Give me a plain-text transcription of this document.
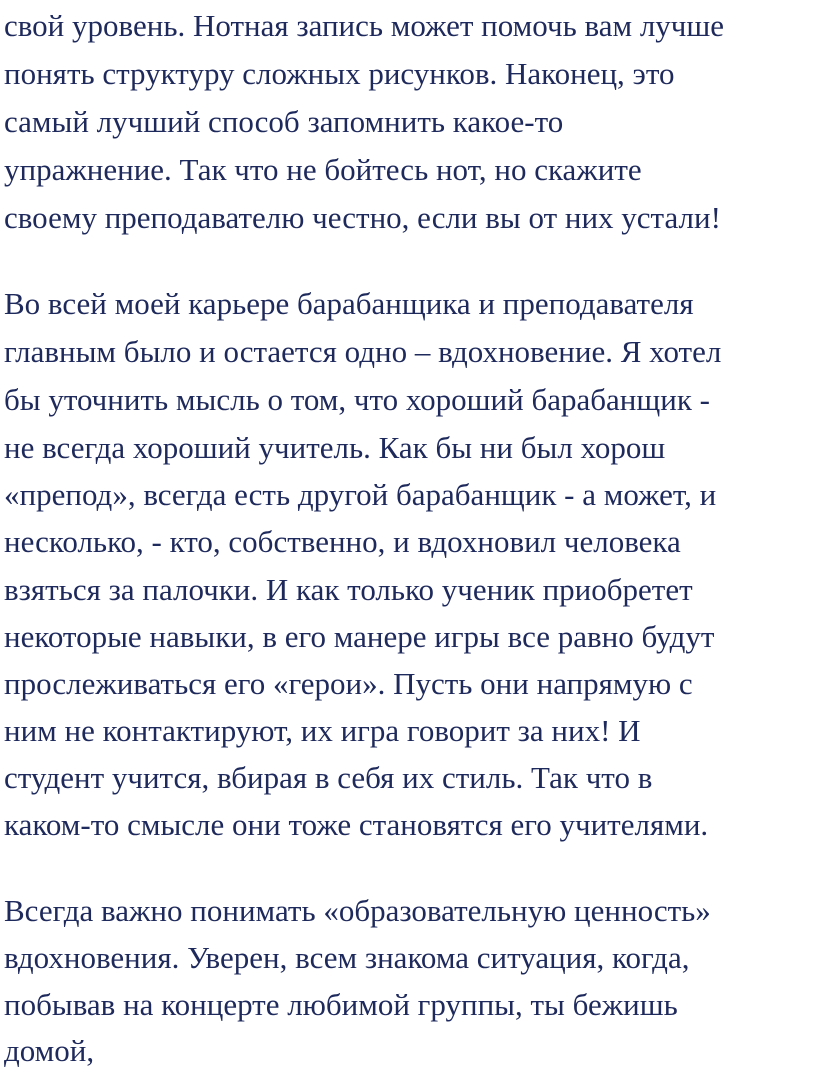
свой уровень. Нотная запись может помочь вам лучше
понять структуру сложных рисунков. Наконец, это
самый лучший способ запомнить какое-то
упражнение. Так что не бойтесь нот, но скажите
своему преподавателю честно, если вы от них устали!
Во всей моей карьере барабанщика и преподавателя
главным было и остается одно – вдохновение. Я хотел
бы уточнить мысль о том, что хороший барабанщик -
не всегда хороший учитель. Как бы ни был хорош
«препод», всегда есть другой барабанщик - а может, и
несколько, - кто, собственно, и вдохновил человека
взяться за палочки. И как только ученик приобретет
некоторые навыки, в его манере игры все равно будут
прослеживаться его «герои». Пусть они напрямую с
ним не контактируют, их игра говорит за них! И
студент учится, вбирая в себя их стиль. Так что в
каком-то смысле они тоже становятся его учителями.
Всегда важно понимать «образовательную ценность»
вдохновения. Уверен, всем знакома ситуация, когда,
побывав на концерте любимой группы, ты бежишь
домой,
